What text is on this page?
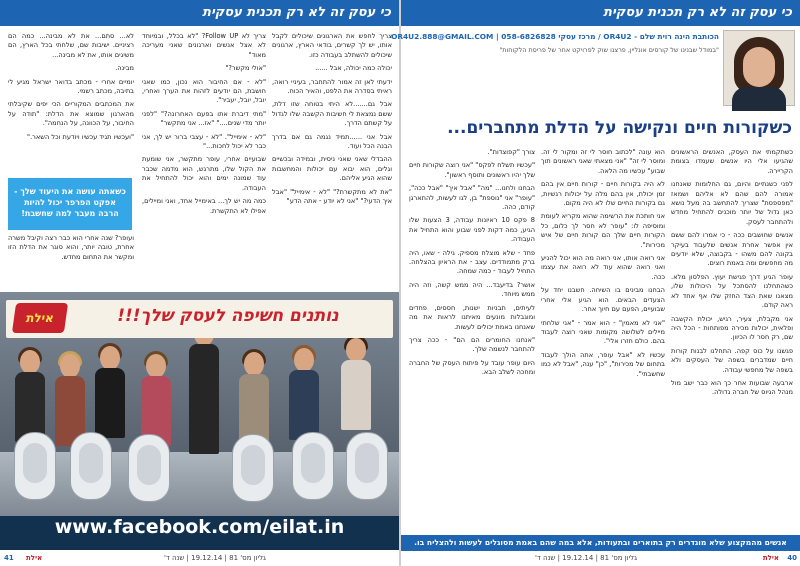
כי עסק זה לא רק תכנית עסקית

צריך לחפש את הארגונים שיכולים לקבל אותו, יש לך קשרים, בודאי הארץ, ארגונים שיכולים להשתלב בעבודה כזו.

יכולה כמה יכולה, אבל ......

ידעתי לאן זה אמור להתחבר, בעיניי רואה, ראיתי בסדרה את הלפט, והאיר הכוח.

אבל גם.......לא היתי בטוחה שזו דלת, ששם נמצאת לי חשיבות הקשבה שלו לגדול על קשתם הדרך.

אבל אני ......תמיד נגמה גם אם בדרך הבנה הכל ועוד.

ההבדלי שאני שאני ניסית, ובמידה ובכשיים וגלים, הוא יבוא עם יכולות והמחשבות שהוא הגיע אליהם.

"את לא מתקשרת?" "לא - אימייל" "אבל איך הדעי?" "אני לא יודע - אתה הדע"

צריך לא Follow UP? "לא בכלל, ובמיוחד לא אצל אנשים וארגונים שאני מעריכה מאוד"

"אולי מקשר?"

"לא - אם החיבור הוא נכון, כמו שאני חושבת, הם יודעים לזהות את הערך ואחרי, יובל, יובל, יעביר".

"מתי דיברת אתו בפעם האחרונה?" "לפני יותר מדי שנים...." "אז... אני מתקשר"

"לא - אימייל". "לא - עצבי ברור יש לך, אני כבר לא יכול לחכות..."

שבועיים אחרי, עופר מתקשר, אני שומעת את הקול שלו, מתרגש, הוא מדמה שכבר עוד שמונה ימים והוא יכול להתחיל את העבודה.

כמה מה יש לך... באימייל אחד, ואני ומיילים, אפילו לא התקשרת.

לא... סתם... את לא מבינה... כמה הם רציניים. ישיבות שם, שלחתי בכל הארץ, הם משיגים אותו, את לא מבינה...

מבינה.

יומיים אחרי - מכתב בדואר ישראל מגיע לי בתיבה, מכתב רשמי.

את המכתבים המקוריים הכי יפים שקיבלתי מהארגון שמוצא את הדלת: "תודה על החיבור, על הכוונה, על הנחמה".

"ועכשיו תגיד עכשיו ויודעת וכל השאר."

כשאתה עושה את היעוד שלך - אפקט הפרפר יכול להיות הרבה מעבר למה שחשבת!

ועופר? שנה אחרי הוא כבר רצה וקיבל משרה אחרת, טובה יותר, והוא סוגר את הדלת הזו ומקשר את התחום מחדש.

אילת	נותנים חשיפה לעסק שלך!!!
www.facebook.com/eilat.in
41 אילת	גליון מס' 81 | 19.12.14 | שנה ד'
כי עסק זה לא רק תכנית עסקית
הכותבת הינה רוית שלם - OR4U2 / מרכז עסקי 058-6826828 | OR4U2.888@GMAIL.COM
"במודל שבנינו של קורסים אונליין, פרצנו שוק לפרויקט אחר של פריסת הלקוחות"
כשקורות חיים ונקישה על הדלת מתחברים...

כשתקמתי את העסק, האנשים הראשונים שהגיעו אלי היו אנשים שעמדו בצומת הקריירה.

לפני כשנתיים והיום, גם החלומות שאנחנו אמורה להם שהם לא אליהם ושמאז "מפספסת" שצריך להתחשב בה מעל נושא כאן גדול של יותר מוכנים להתחיל מחדש ולהתחבר לעסק.

אנשים שחושבים ככה - כי אמרו להם ששם אין אפשר אחרת אנשים שלעבוד בעיקר בקונה להם משהו - בקבוצה, שלא יודעים מה מחפשים ומה באמת רוצים.

עופר הגיע דרך פגישת יעוץ. הפלסון מלא. כשהתחלנו להסתכל על היכולות שלו, מצאנו שאת הצד החזק שלו אף אחד לא ראה קודם.

אני מקבלת, צעיר, רגיש, יכולת הקשבה ופלאית, יכולות מכירה מפותחות - הכל היה שם, רק חסר לו הכיוון.

פגשנו על כוס קפה. התחלנו לבנות קורות חיים שמדברים בשפה של העסקים ולא בשפה של מחפשי עבודה.

ארבעה שבועות אחר כך הוא כבר ישב מול מנהל הגיוס של חברה גדולה.

הוא עונה "לכתוב חוסר לי זה ומקור לי זה. ומוסר לי זה" "אני מצאתי שאני ראשונים תוך שבוע" עכשיו מה הלאה.

לא היה בקורות חיים - קורות חיים אין בהם זמן יכולת, אין בהם מלה על יכולות רגשיות, גם בקורות החיים שלו לא היה מקום.

אני חותכת את הרשימה שהוא מקריא לעומת ומוסיפה לו: "עופר לא חסר לך כלום, כל הקורות חיים שלך הם קורות חיים של איש מכירות".

אני רואה אותו, אני רואה מה הוא יכול להגיע ואני רואה שהוא עוד לא רואה את עצמו ככה.

הבחנו מבינים בו השיחה. חשבנו יחד על הצעדים הבאים. הוא הגיע אלי אחרי שבועיים, הפעם עם חיוך אחר.

"אני לא מאמין" - הוא אמר - "אני שלחתי מיילים לשלושה מקומות שאני רוצה לעבוד בהם. כולם חזרו אלי".

עכשיו לא "אבל עופר, אתה הולך לעבוד בתחום של מכירות", "כן" ענה, "אבל לא כמו שחשבתי".

צורך "קפוצדות".

"עכשיו תשלח לפקס" "אני רוצה שקורות חיים שלך יהיו ראשונים ותוסף ראשון".

הבחנו ולחנו... "מה" "אבל איך" "אבל ככה", "עופר" אני "נוספת" בן, לגו לעשות, להתארגן קודם, כהה.

8 פקס 10 ראיונות עבודה, 3 הצעות שלו הגיע, כמה דקות לפני שבוע והוא התחיל את העבודה.

פחד - שלא מוצלח מספיק. גילה - שאו, היה ברק מתמודדים. עצב - את הראיון בהצלחה. התחיל לעבוד - כמה שמחה.

אושר? בדיעבד... היה ממש קשה, וזה היה ממש מיוחד.

לעיתים, תבניות ישנות, חססים, פחדים ומוגבלות מונעים מאיתנו לראות את מה שאנחנו באמת יכולים לעשות.

"אנחנו החומרים הם הם" - ככה צריך להתחבר לנשמה שלך.

היום עופר עובד על פיתוח העסק של החברה ומחכה לשלב הבא.

אנשים מהמקצוע שלא מוגדרים רק בתוארים ובתעודות, אלא במה שהם באמת מסוגלים לעשות ולהצליח בו.
40
אילת
גליון מס' 81 | 19.12.14 | שנה ד'
